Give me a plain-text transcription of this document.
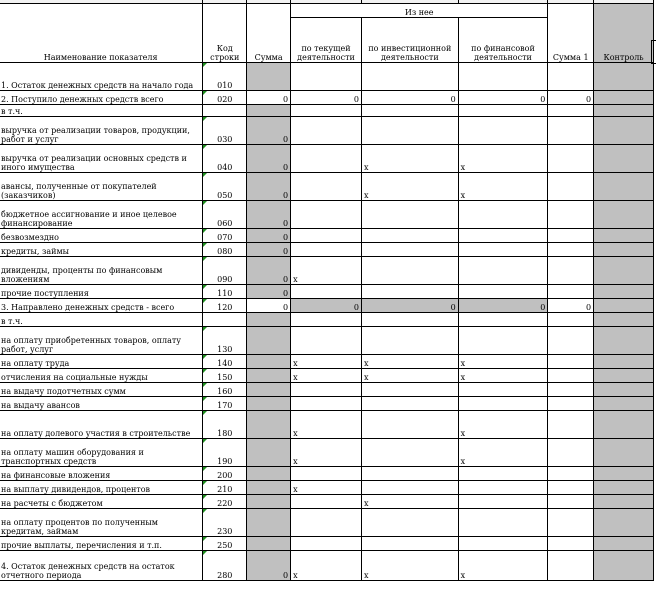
Наименование показателя	Код строки	Сумма	Из нее			Сумма 1	Контроль
			по текущей деятельности	по инвестиционной деятельности	по финансовой деятельности		
1. Остаток денежных средств на начало года	010						
2. Поступило денежных средств всего	020	0	0	0	0	0	
в т.ч.							
выручка от реализации товаров, продукции, работ и услуг	030	0					
выручка от реализации основных средств и иного имущества	040	0		x	x		
авансы, полученные от покупателей (заказчиков)	050	0		x	x		
бюджетное ассигнование и иное целевое финансирование	060	0					
безвозмездно	070	0					
кредиты, займы	080	0					
дивиденды, проценты по финансовым вложениям	090	0	x				
прочие поступления	110	0					
3. Направлено денежных средств - всего	120	0	0	0	0	0	
в т.ч.							
на оплату приобретенных товаров, оплату работ, услуг	130						
на оплату труда	140		x	x	x		
отчисления на социальные нужды	150		x	x	x		
на выдачу подотчетных сумм	160						
на выдачу авансов	170						
на оплату долевого участия в строительстве	180		x		x		
на оплату машин оборудования и транспортных средств	190		x		x		
на финансовые вложения	200						
на выплату дивидендов, процентов	210		x				
на расчеты с бюджетом	220			x			
на оплату процентов по полученным кредитам, займам	230						
прочие выплаты, перечисления и т.п.	250						
4. Остаток денежных средств на остаток отчетного периода	280	0	x	x	x		
